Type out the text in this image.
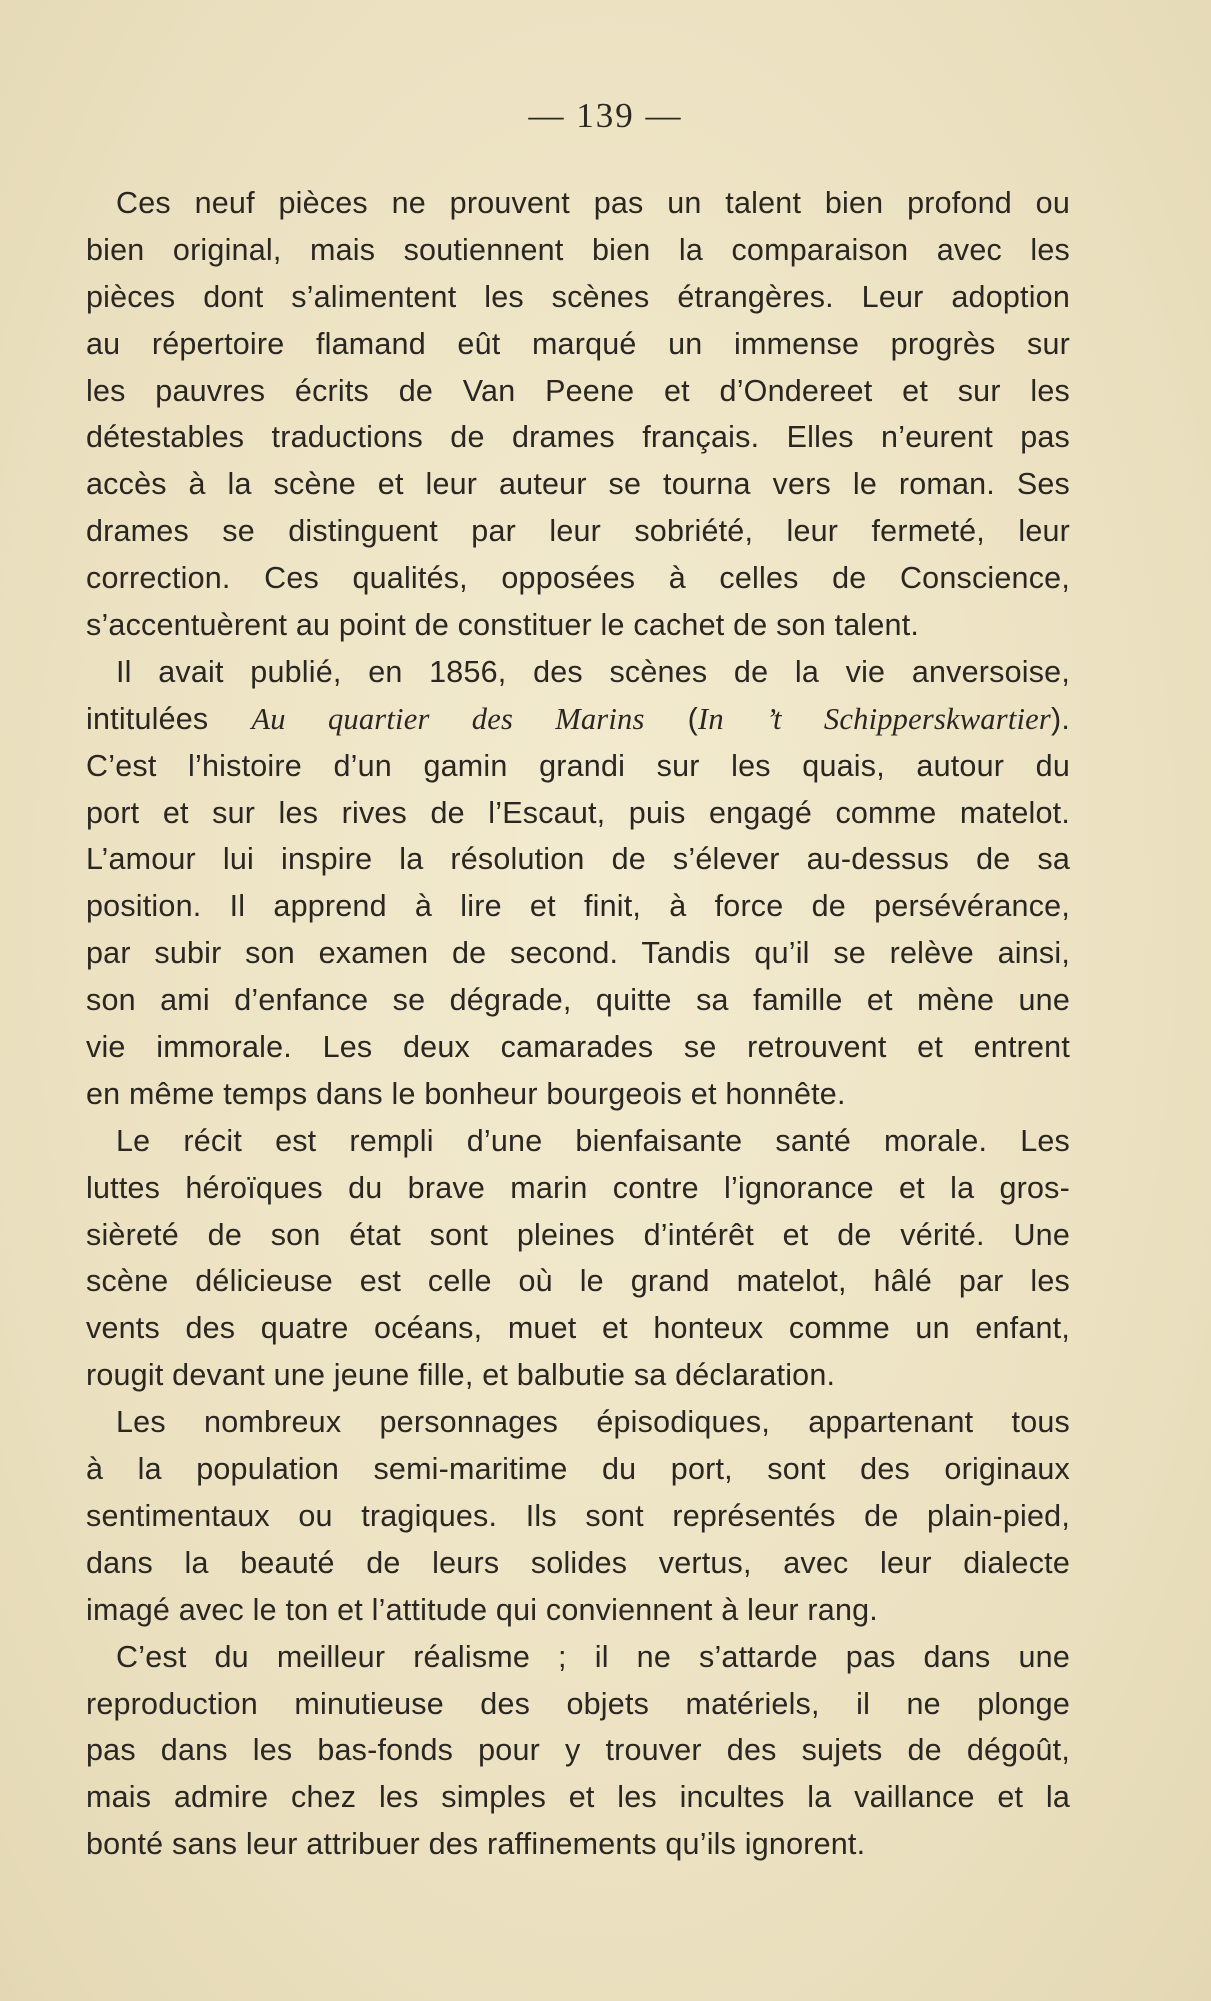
— 139 —
Ces neuf pièces ne prouvent pas un talent bien profond ou
bien original, mais soutiennent bien la comparaison avec les
pièces dont s’alimentent les scènes étrangères. Leur adoption
au répertoire flamand eût marqué un immense progrès sur
les pauvres écrits de Van Peene et d’Ondereet et sur les
détestables traductions de drames français. Elles n’eurent pas
accès à la scène et leur auteur se tourna vers le roman. Ses
drames se distinguent par leur sobriété, leur fermeté, leur
correction. Ces qualités, opposées à celles de Conscience,
s’accentuèrent au point de constituer le cachet de son talent.
Il avait publié, en 1856, des scènes de la vie anversoise,
intitulées Au quartier des Marins (In ’t Schipperskwartier).
C’est l’histoire d’un gamin grandi sur les quais, autour du
port et sur les rives de l’Escaut, puis engagé comme matelot.
L’amour lui inspire la résolution de s’élever au-dessus de sa
position. Il apprend à lire et finit, à force de persévérance,
par subir son examen de second. Tandis qu’il se relève ainsi,
son ami d’enfance se dégrade, quitte sa famille et mène une
vie immorale. Les deux camarades se retrouvent et entrent
en même temps dans le bonheur bourgeois et honnête.
Le récit est rempli d’une bienfaisante santé morale. Les
luttes héroïques du brave marin contre l’ignorance et la gros-
sièreté de son état sont pleines d’intérêt et de vérité. Une
scène délicieuse est celle où le grand matelot, hâlé par les
vents des quatre océans, muet et honteux comme un enfant,
rougit devant une jeune fille, et balbutie sa déclaration.
Les nombreux personnages épisodiques, appartenant tous
à la population semi-maritime du port, sont des originaux
sentimentaux ou tragiques. Ils sont représentés de plain-pied,
dans la beauté de leurs solides vertus, avec leur dialecte
imagé avec le ton et l’attitude qui conviennent à leur rang.
C’est du meilleur réalisme ; il ne s’attarde pas dans une
reproduction minutieuse des objets matériels, il ne plonge
pas dans les bas-fonds pour y trouver des sujets de dégoût,
mais admire chez les simples et les incultes la vaillance et la
bonté sans leur attribuer des raffinements qu’ils ignorent.
